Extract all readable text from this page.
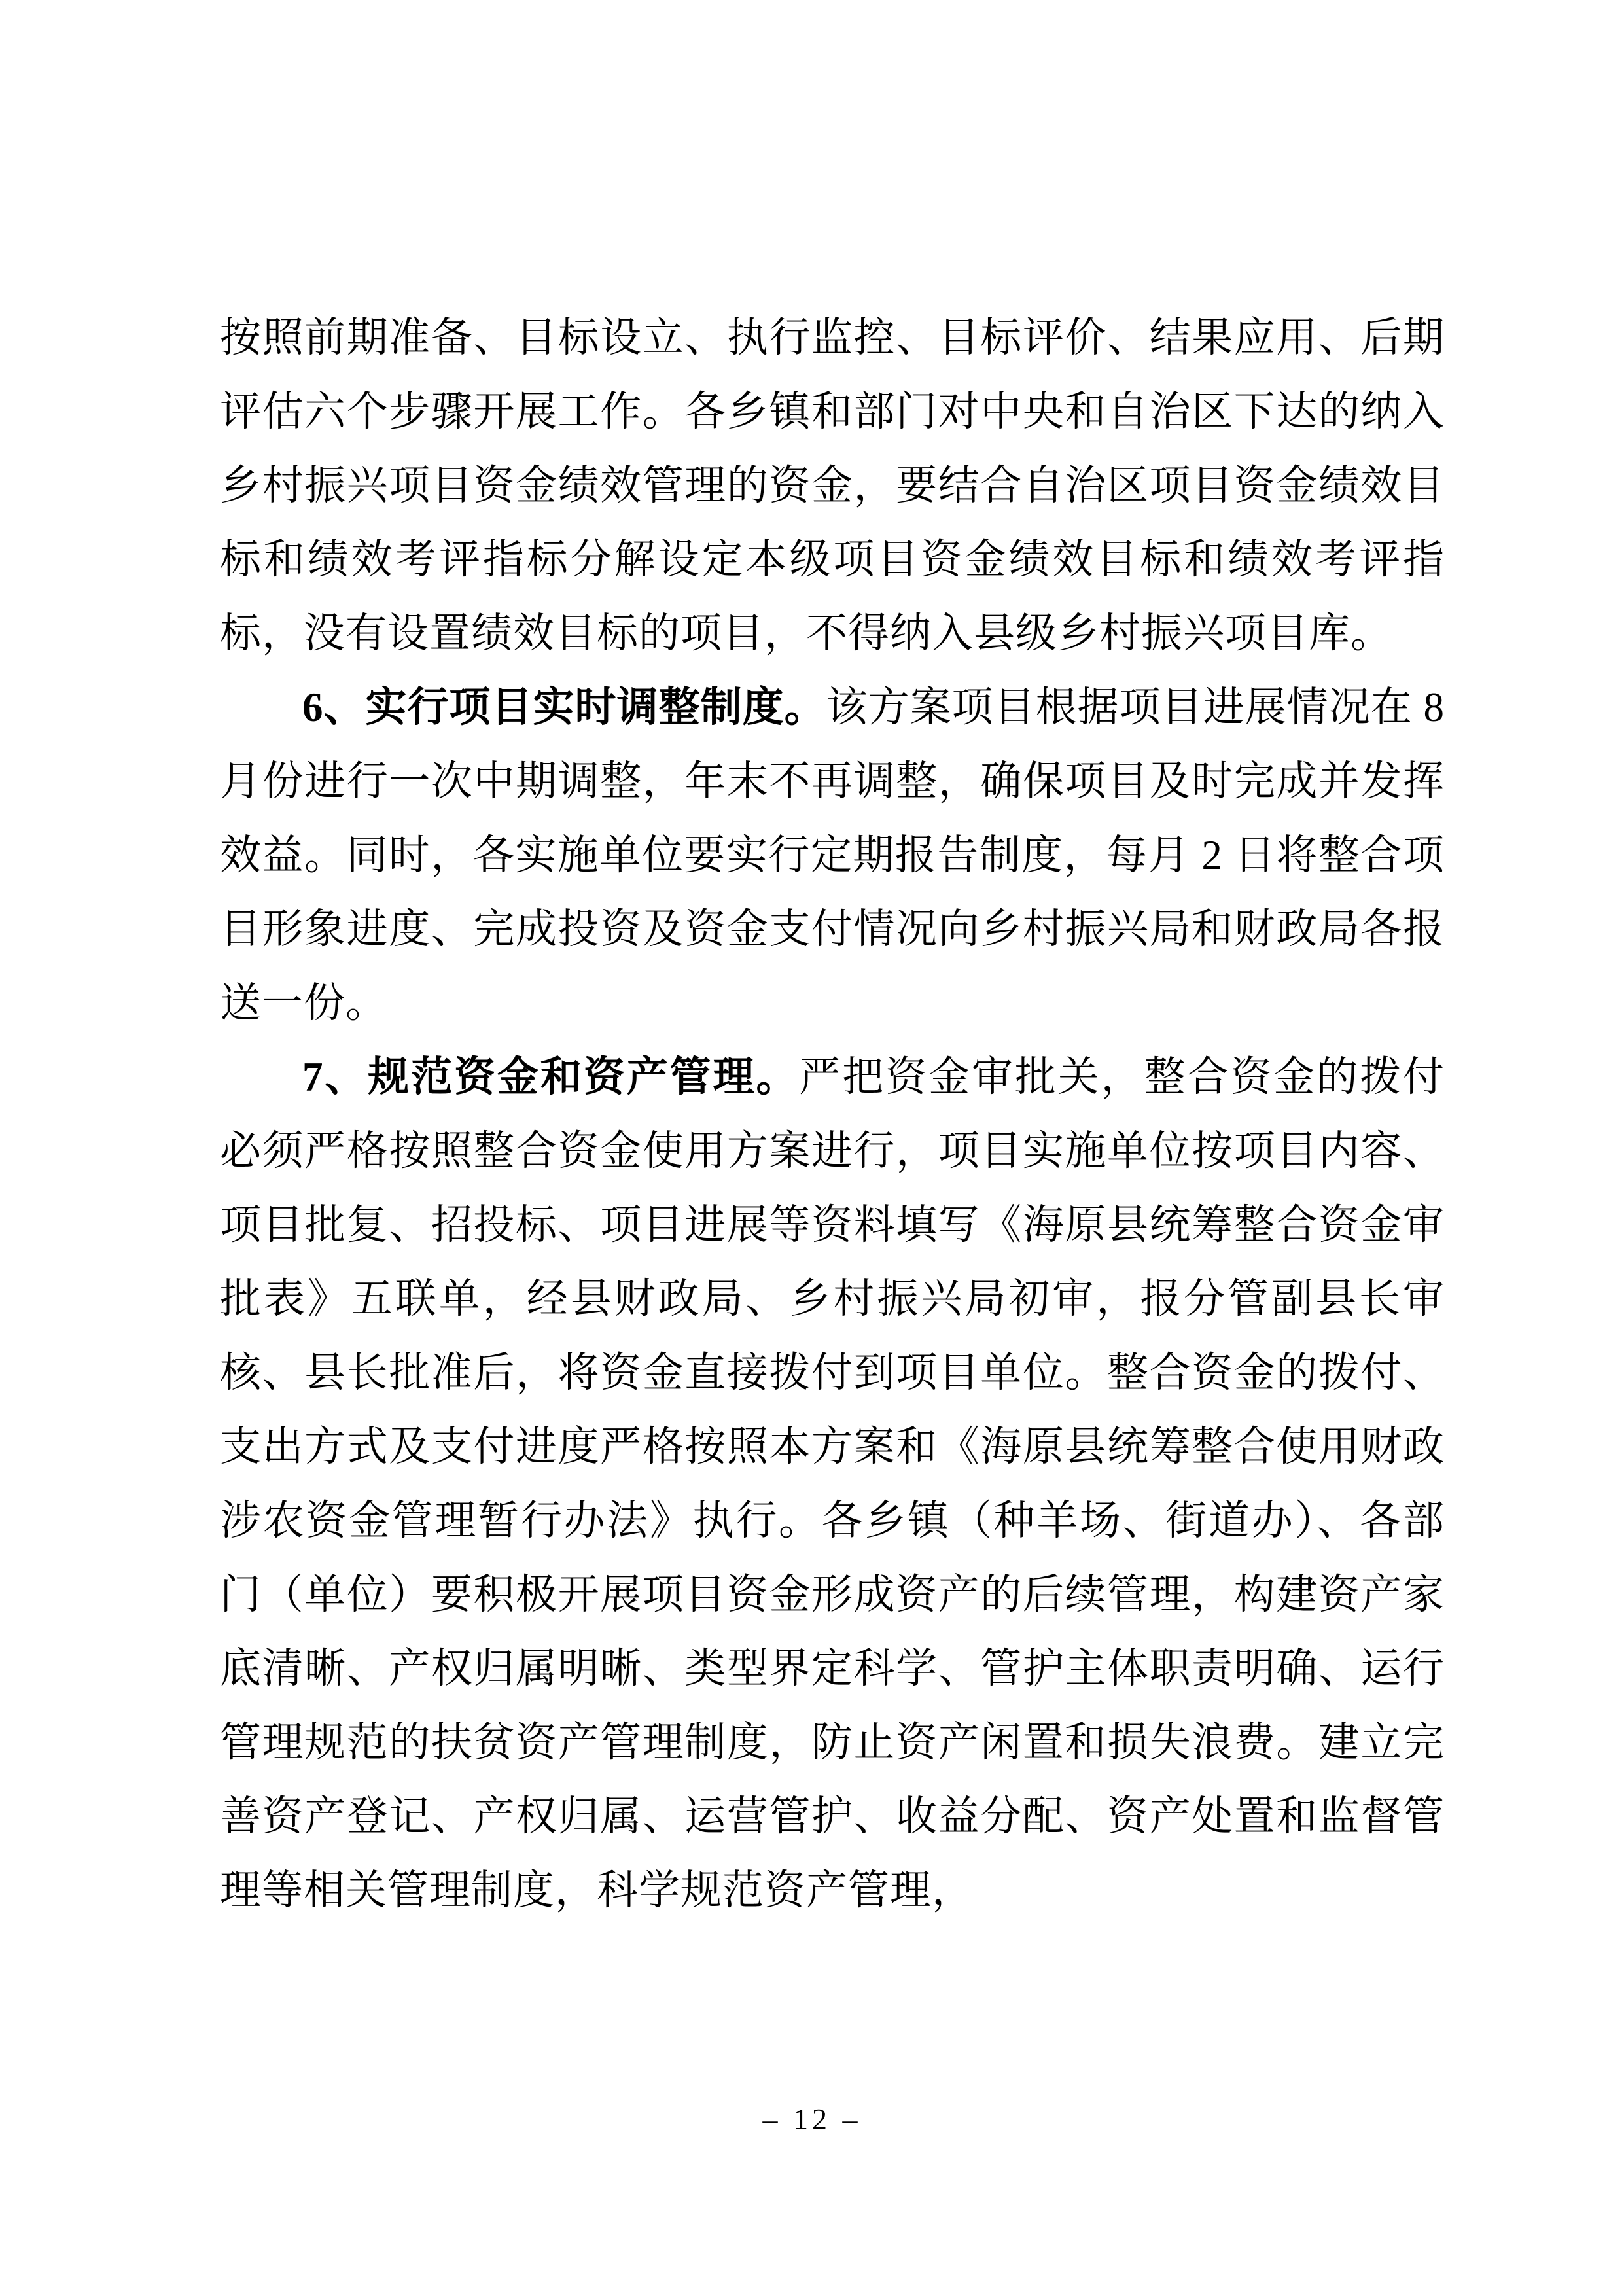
按照前期准备、目标设立、执行监控、目标评价、结果应用、后期评估六个步骤开展工作。各乡镇和部门对中央和自治区下达的纳入乡村振兴项目资金绩效管理的资金，要结合自治区项目资金绩效目标和绩效考评指标分解设定本级项目资金绩效目标和绩效考评指标，没有设置绩效目标的项目，不得纳入县级乡村振兴项目库。

6、实行项目实时调整制度。该方案项目根据项目进展情况在 8 月份进行一次中期调整，年末不再调整，确保项目及时完成并发挥效益。同时，各实施单位要实行定期报告制度，每月 2 日将整合项目形象进度、完成投资及资金支付情况向乡村振兴局和财政局各报送一份。

7、规范资金和资产管理。严把资金审批关，整合资金的拨付必须严格按照整合资金使用方案进行，项目实施单位按项目内容、项目批复、招投标、项目进展等资料填写《海原县统筹整合资金审批表》五联单，经县财政局、乡村振兴局初审，报分管副县长审核、县长批准后，将资金直接拨付到项目单位。整合资金的拨付、支出方式及支付进度严格按照本方案和《海原县统筹整合使用财政涉农资金管理暂行办法》执行。各乡镇（种羊场、街道办）、各部门（单位）要积极开展项目资金形成资产的后续管理，构建资产家底清晰、产权归属明晰、类型界定科学、管护主体职责明确、运行管理规范的扶贫资产管理制度，防止资产闲置和损失浪费。建立完善资产登记、产权归属、运营管护、收益分配、资产处置和监督管理等相关管理制度，科学规范资产管理，

– 12 –
